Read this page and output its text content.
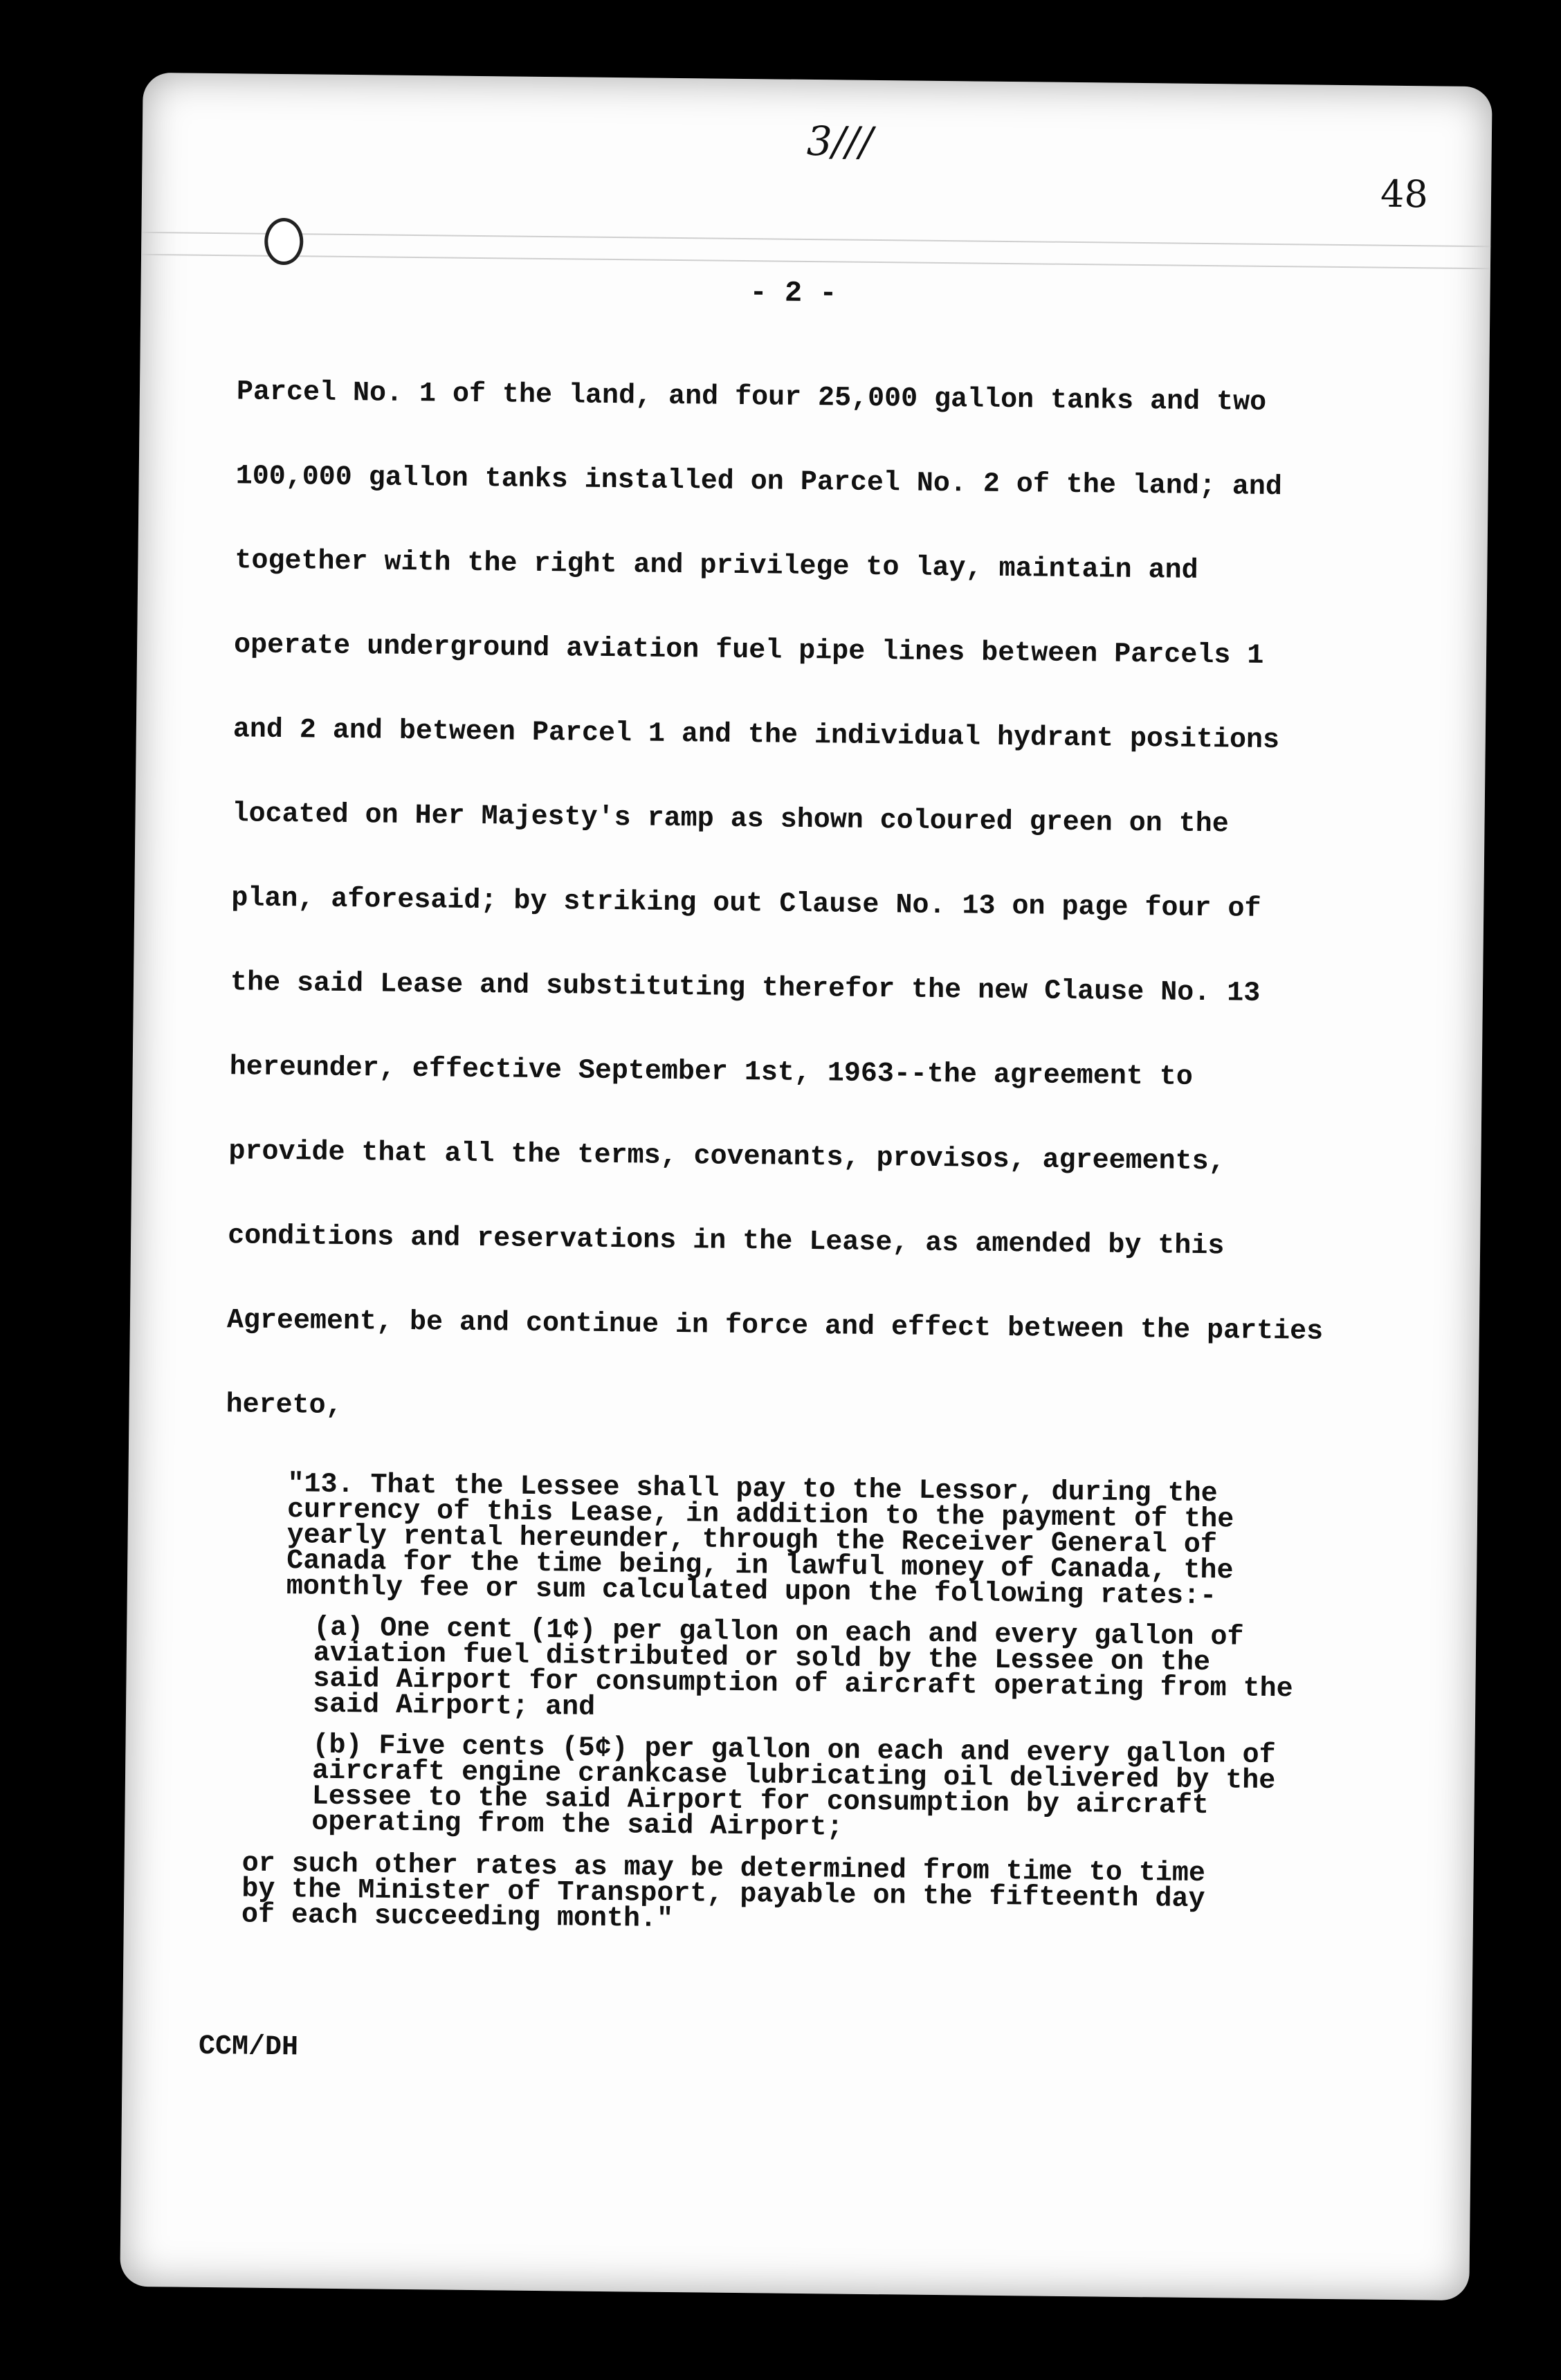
3///
48
- 2 -

Parcel No. 1 of the land, and four 25,000 gallon tanks and two

100,000 gallon tanks installed on Parcel No. 2 of the land; and

together with the right and privilege to lay, maintain and

operate underground aviation fuel pipe lines between Parcels 1

and 2 and between Parcel 1 and the individual hydrant positions

located on Her Majesty's ramp as shown coloured green on the

plan, aforesaid; by striking out Clause No. 13 on page four of

the said Lease and substituting therefor the new Clause No. 13

hereunder, effective September 1st, 1963--the agreement to

provide that all the terms, covenants, provisos, agreements,

conditions and reservations in the Lease, as amended by this

Agreement, be and continue in force and effect between the parties

hereto,

"13. That the Lessee shall pay to the Lessor, during the
currency of this Lease, in addition to the payment of the
yearly rental hereunder, through the Receiver General of
Canada for the time being, in lawful money of Canada, the
monthly fee or sum calculated upon the following rates:-

(a) One cent (1¢) per gallon on each and every gallon of
aviation fuel distributed or sold by the Lessee on the
said Airport for consumption of aircraft operating from the
said Airport; and

(b) Five cents (5¢) per gallon on each and every gallon of
aircraft engine crankcase lubricating oil delivered by the
Lessee to the said Airport for consumption by aircraft
operating from the said Airport;

or such other rates as may be determined from time to time
by the Minister of Transport, payable on the fifteenth day
of each succeeding month."

CCM/DH
